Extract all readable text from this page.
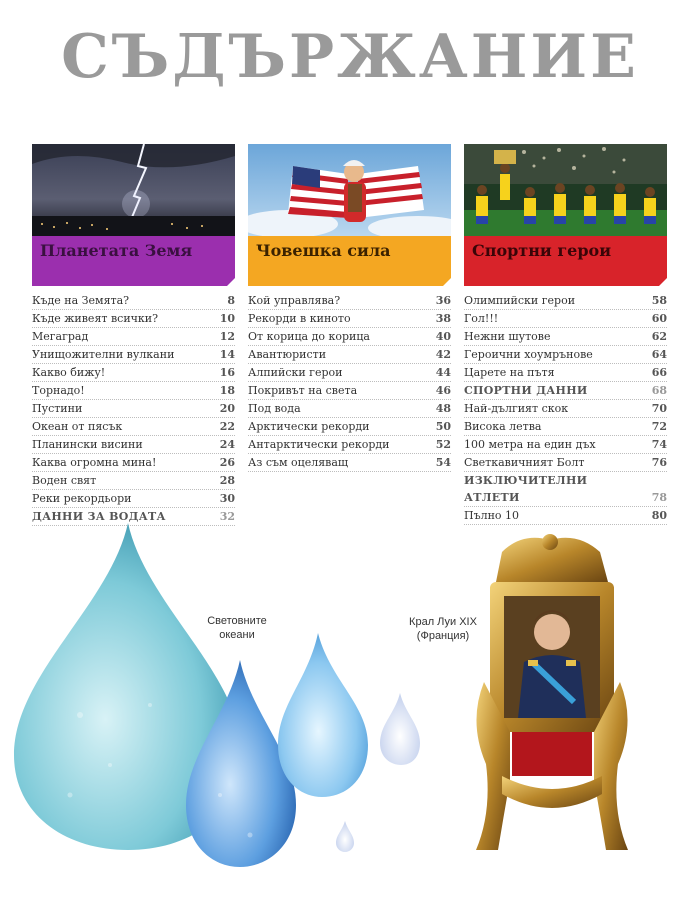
СЪДЪРЖАНИЕ
Планетата Земя
Къде на Земята?	8
Къде живеят всички?	10
Мегаград	12
Унищожителни вулкани	14
Какво бижу!	16
Торнадо!	18
Пустини	20
Океан от пясък	22
Планински висини	24
Каква огромна мина!	26
Воден свят	28
Реки рекордьори	30
ДАННИ ЗА ВОДАТА	32
Човешка сила
Кой управлява?	36
Рекорди в киното	38
От корица до корица	40
Авантюристи	42
Алпийски герои	44
Покривът на света	46
Под вода	48
Арктически рекорди	50
Антарктически рекорди	52
Аз съм оцеляващ	54
Спортни герои
Олимпийски герои	58
Гол!!!	60
Нежни шутове	62
Героични хоумрънове	64
Царете на пътя	66
СПОРТНИ ДАННИ	68
Най-дългият скок	70
Висока летва	72
100 метра на един дъх	74
Светкавичният Болт	76
ИЗКЛЮЧИТЕЛНИ АТЛЕТИ	78
Пълно 10	80
Световните океани
Крал Луи XIX (Франция)
